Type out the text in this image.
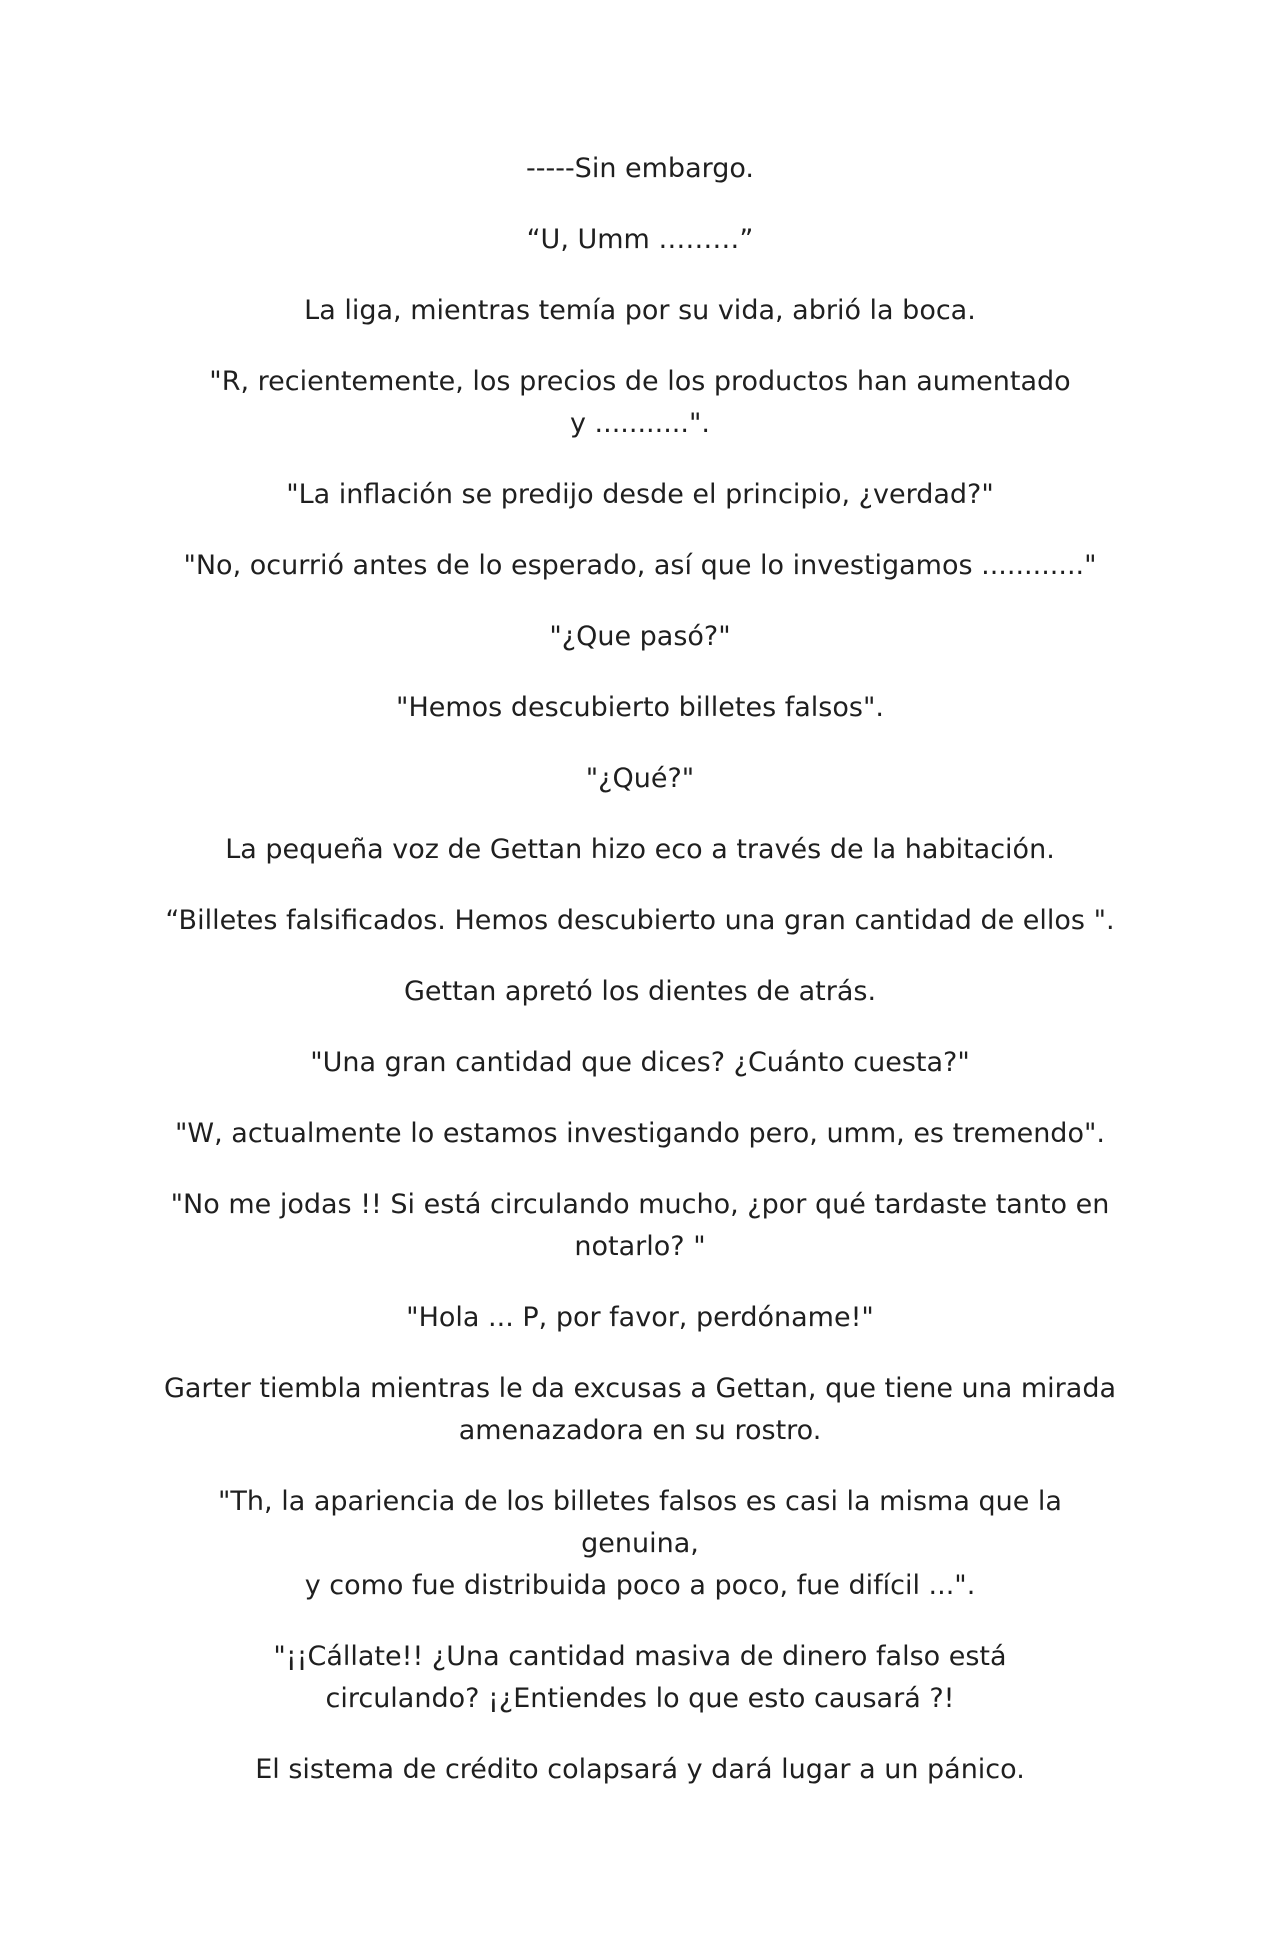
-----Sin embargo.

“U, Umm ………”

La liga, mientras temía por su vida, abrió la boca.

"R, recientemente, los precios de los productos han aumentado
y ...........".

"La inflación se predijo desde el principio, ¿verdad?"

"No, ocurrió antes de lo esperado, así que lo investigamos ............"

"¿Que pasó?"

"Hemos descubierto billetes falsos".

"¿Qué?"

La pequeña voz de Gettan hizo eco a través de la habitación.

“Billetes falsificados. Hemos descubierto una gran cantidad de ellos ".

Gettan apretó los dientes de atrás.

"Una gran cantidad que dices? ¿Cuánto cuesta?"

"W, actualmente lo estamos investigando pero, umm, es tremendo".

"No me jodas !! Si está circulando mucho, ¿por qué tardaste tanto en
notarlo? "

"Hola ... P, por favor, perdóname!"

Garter tiembla mientras le da excusas a Gettan, que tiene una mirada
amenazadora en su rostro.

"Th, la apariencia de los billetes falsos es casi la misma que la genuina,
y como fue distribuida poco a poco, fue difícil ...".

"¡¡Cállate!! ¿Una cantidad masiva de dinero falso está
circulando? ¡¿Entiendes lo que esto causará ?!

El sistema de crédito colapsará y dará lugar a un pánico.
